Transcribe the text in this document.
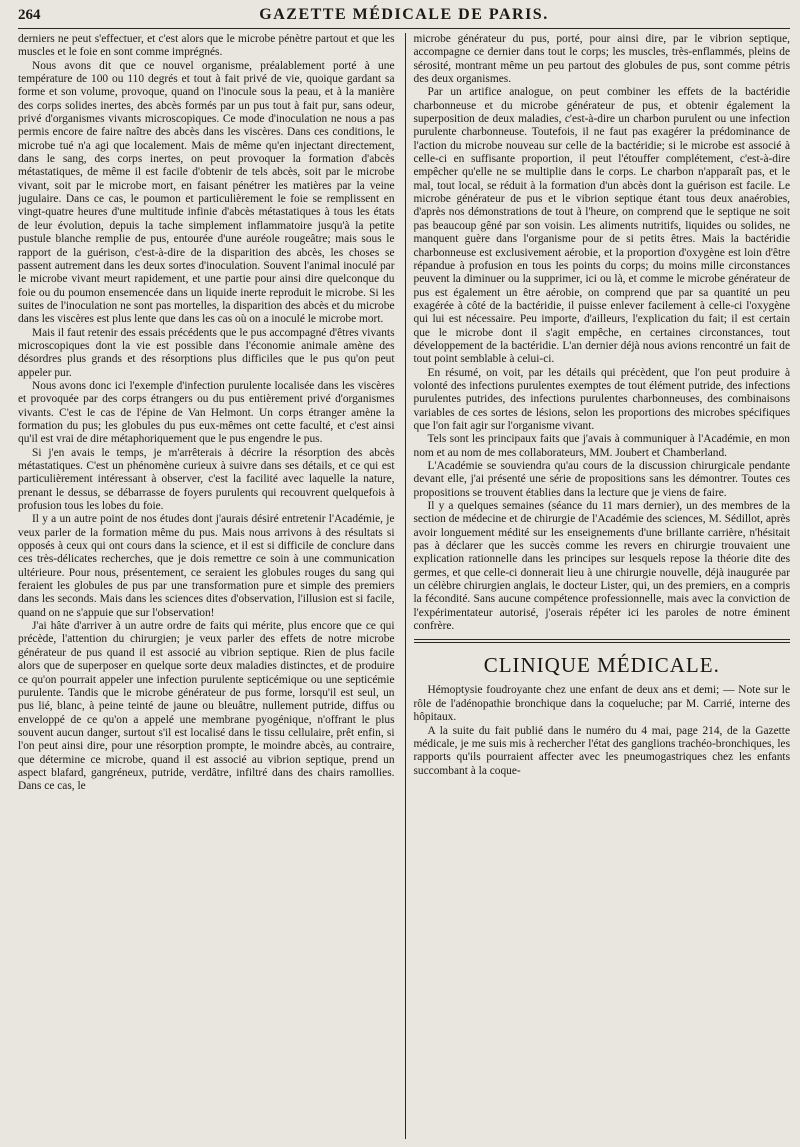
264	GAZETTE MÉDICALE DE PARIS.

derniers ne peut s'effectuer, et c'est alors que le microbe pénètre partout et que les muscles et le foie en sont comme imprégnés.

Nous avons dit que ce nouvel organisme, préalablement porté à une température de 100 ou 110 degrés et tout à fait privé de vie, quoique gardant sa forme et son volume, provoque, quand on l'inocule sous la peau, et à la manière des corps solides inertes, des abcès formés par un pus tout à fait pur, sans odeur, privé d'organismes vivants microscopiques. Ce mode d'inoculation ne nous a pas permis encore de faire naître des abcès dans les viscères. Dans ces conditions, le microbe tué n'a agi que localement. Mais de même qu'en injectant directement, dans le sang, des corps inertes, on peut provoquer la formation d'abcès métastatiques, de même il est facile d'obtenir de tels abcès, soit par le microbe vivant, soit par le microbe mort, en faisant pénétrer les matières par la veine jugulaire. Dans ce cas, le poumon et particulièrement le foie se remplissent en vingt-quatre heures d'une multitude infinie d'abcès métastatiques à tous les états de leur évolution, depuis la tache simplement inflammatoire jusqu'à la petite pustule blanche remplie de pus, entourée d'une auréole rougeâtre; mais sous le rapport de la guérison, c'est-à-dire de la disparition des abcès, les choses se passent autrement dans les deux sortes d'inoculation. Souvent l'animal inoculé par le microbe vivant meurt rapidement, et une partie pour ainsi dire quelconque du foie ou du poumon ensemencée dans un liquide inerte reproduit le microbe. Si les suites de l'inoculation ne sont pas mortelles, la disparition des abcès et du microbe dans les viscères est plus lente que dans les cas où on a inoculé le microbe mort.

Mais il faut retenir des essais précédents que le pus accompagné d'êtres vivants microscopiques dont la vie est possible dans l'économie animale amène des désordres plus grands et des résorptions plus difficiles que le pus qu'on peut appeler pur.

Nous avons donc ici l'exemple d'infection purulente localisée dans les viscères et provoquée par des corps étrangers ou du pus entièrement privé d'organismes vivants. C'est le cas de l'épine de Van Helmont. Un corps étranger amène la formation du pus; les globules du pus eux-mêmes ont cette faculté, et c'est ainsi qu'il est vrai de dire métaphoriquement que le pus engendre le pus.

Si j'en avais le temps, je m'arrêterais à décrire la résorption des abcès métastatiques. C'est un phénomène curieux à suivre dans ses détails, et ce qui est particulièrement intéressant à observer, c'est la facilité avec laquelle la nature, prenant le dessus, se débarrasse de foyers purulents qui recouvrent quelquefois à profusion tous les lobes du foie.

Il y a un autre point de nos études dont j'aurais désiré entretenir l'Académie, je veux parler de la formation même du pus. Mais nous arrivons à des résultats si opposés à ceux qui ont cours dans la science, et il est si difficile de conclure dans ces très-délicates recherches, que je dois remettre ce soin à une communication ultérieure. Pour nous, présentement, ce seraient les globules rouges du sang qui feraient les globules de pus par une transformation pure et simple des premiers dans les seconds. Mais dans les sciences dites d'observation, l'illusion est si facile, quand on ne s'appuie que sur l'observation!

J'ai hâte d'arriver à un autre ordre de faits qui mérite, plus encore que ce qui précède, l'attention du chirurgien; je veux parler des effets de notre microbe générateur de pus quand il est associé au vibrion septique. Rien de plus facile alors que de superposer en quelque sorte deux maladies distinctes, et de produire ce qu'on pourrait appeler une infection purulente septicémique ou une septicémie purulente. Tandis que le microbe générateur de pus forme, lorsqu'il est seul, un pus lié, blanc, à peine teinté de jaune ou bleuâtre, nullement putride, diffus ou enveloppé de ce qu'on a appelé une membrane pyogénique, n'offrant le plus souvent aucun danger, surtout s'il est localisé dans le tissu cellulaire, prêt enfin, si l'on peut ainsi dire, pour une résorption prompte, le moindre abcès, au contraire, que détermine ce microbe, quand il est associé au vibrion septique, prend un aspect blafard, gangréneux, putride, verdâtre, infiltré dans des chairs ramollies. Dans ce cas, le

microbe générateur du pus, porté, pour ainsi dire, par le vibrion septique, accompagne ce dernier dans tout le corps; les muscles, très-enflammés, pleins de sérosité, montrant même un peu partout des globules de pus, sont comme pétris des deux organismes.

Par un artifice analogue, on peut combiner les effets de la bactéridie charbonneuse et du microbe générateur de pus, et obtenir également la superposition de deux maladies, c'est-à-dire un charbon purulent ou une infection purulente charbonneuse. Toutefois, il ne faut pas exagérer la prédominance de l'action du microbe nouveau sur celle de la bactéridie; si le microbe est associé à celle-ci en suffisante proportion, il peut l'étouffer complétement, c'est-à-dire empêcher qu'elle ne se multiplie dans le corps. Le charbon n'apparaît pas, et le mal, tout local, se réduit à la formation d'un abcès dont la guérison est facile. Le microbe générateur de pus et le vibrion septique étant tous deux anaérobies, d'après nos démonstrations de tout à l'heure, on comprend que le septique ne soit pas beaucoup gêné par son voisin. Les aliments nutritifs, liquides ou solides, ne manquent guère dans l'organisme pour de si petits êtres. Mais la bactéridie charbonneuse est exclusivement aérobie, et la proportion d'oxygène est loin d'être répandue à profusion en tous les points du corps; du moins mille circonstances peuvent la diminuer ou la supprimer, ici ou là, et comme le microbe générateur de pus est également un être aérobie, on comprend que par sa quantité un peu exagérée à côté de la bactéridie, il puisse enlever facilement à celle-ci l'oxygène qui lui est nécessaire. Peu importe, d'ailleurs, l'explication du fait; il est certain que le microbe dont il s'agit empêche, en certaines circonstances, tout développement de la bactéridie. L'an dernier déjà nous avions rencontré un fait de tout point semblable à celui-ci.

En résumé, on voit, par les détails qui précèdent, que l'on peut produire à volonté des infections purulentes exemptes de tout élément putride, des infections purulentes putrides, des infections purulentes charbonneuses, des combinaisons variables de ces sortes de lésions, selon les proportions des microbes spécifiques que l'on fait agir sur l'organisme vivant.

Tels sont les principaux faits que j'avais à communiquer à l'Académie, en mon nom et au nom de mes collaborateurs, MM. Joubert et Chamberland.

L'Académie se souviendra qu'au cours de la discussion chirurgicale pendante devant elle, j'ai présenté une série de propositions sans les démontrer. Toutes ces propositions se trouvent établies dans la lecture que je viens de faire.

Il y a quelques semaines (séance du 11 mars dernier), un des membres de la section de médecine et de chirurgie de l'Académie des sciences, M. Sédillot, après avoir longuement médité sur les enseignements d'une brillante carrière, n'hésitait pas à déclarer que les succès comme les revers en chirurgie trouvaient une explication rationnelle dans les principes sur lesquels repose la théorie dite des germes, et que celle-ci donnerait lieu à une chirurgie nouvelle, déjà inaugurée par un célèbre chirurgien anglais, le docteur Lister, qui, un des premiers, en a compris la fécondité. Sans aucune compétence professionnelle, mais avec la conviction de l'expérimentateur autorisé, j'oserais répéter ici les paroles de notre éminent confrère.

CLINIQUE MÉDICALE.

Hémoptysie foudroyante chez une enfant de deux ans et demi; — Note sur le rôle de l'adénopathie bronchique dans la coqueluche; par M. Carrié, interne des hôpitaux.

A la suite du fait publié dans le numéro du 4 mai, page 214, de la Gazette médicale, je me suis mis à rechercher l'état des ganglions trachéo-bronchiques, les rapports qu'ils pourraient affecter avec les pneumogastriques chez les enfants succombant à la coque-
